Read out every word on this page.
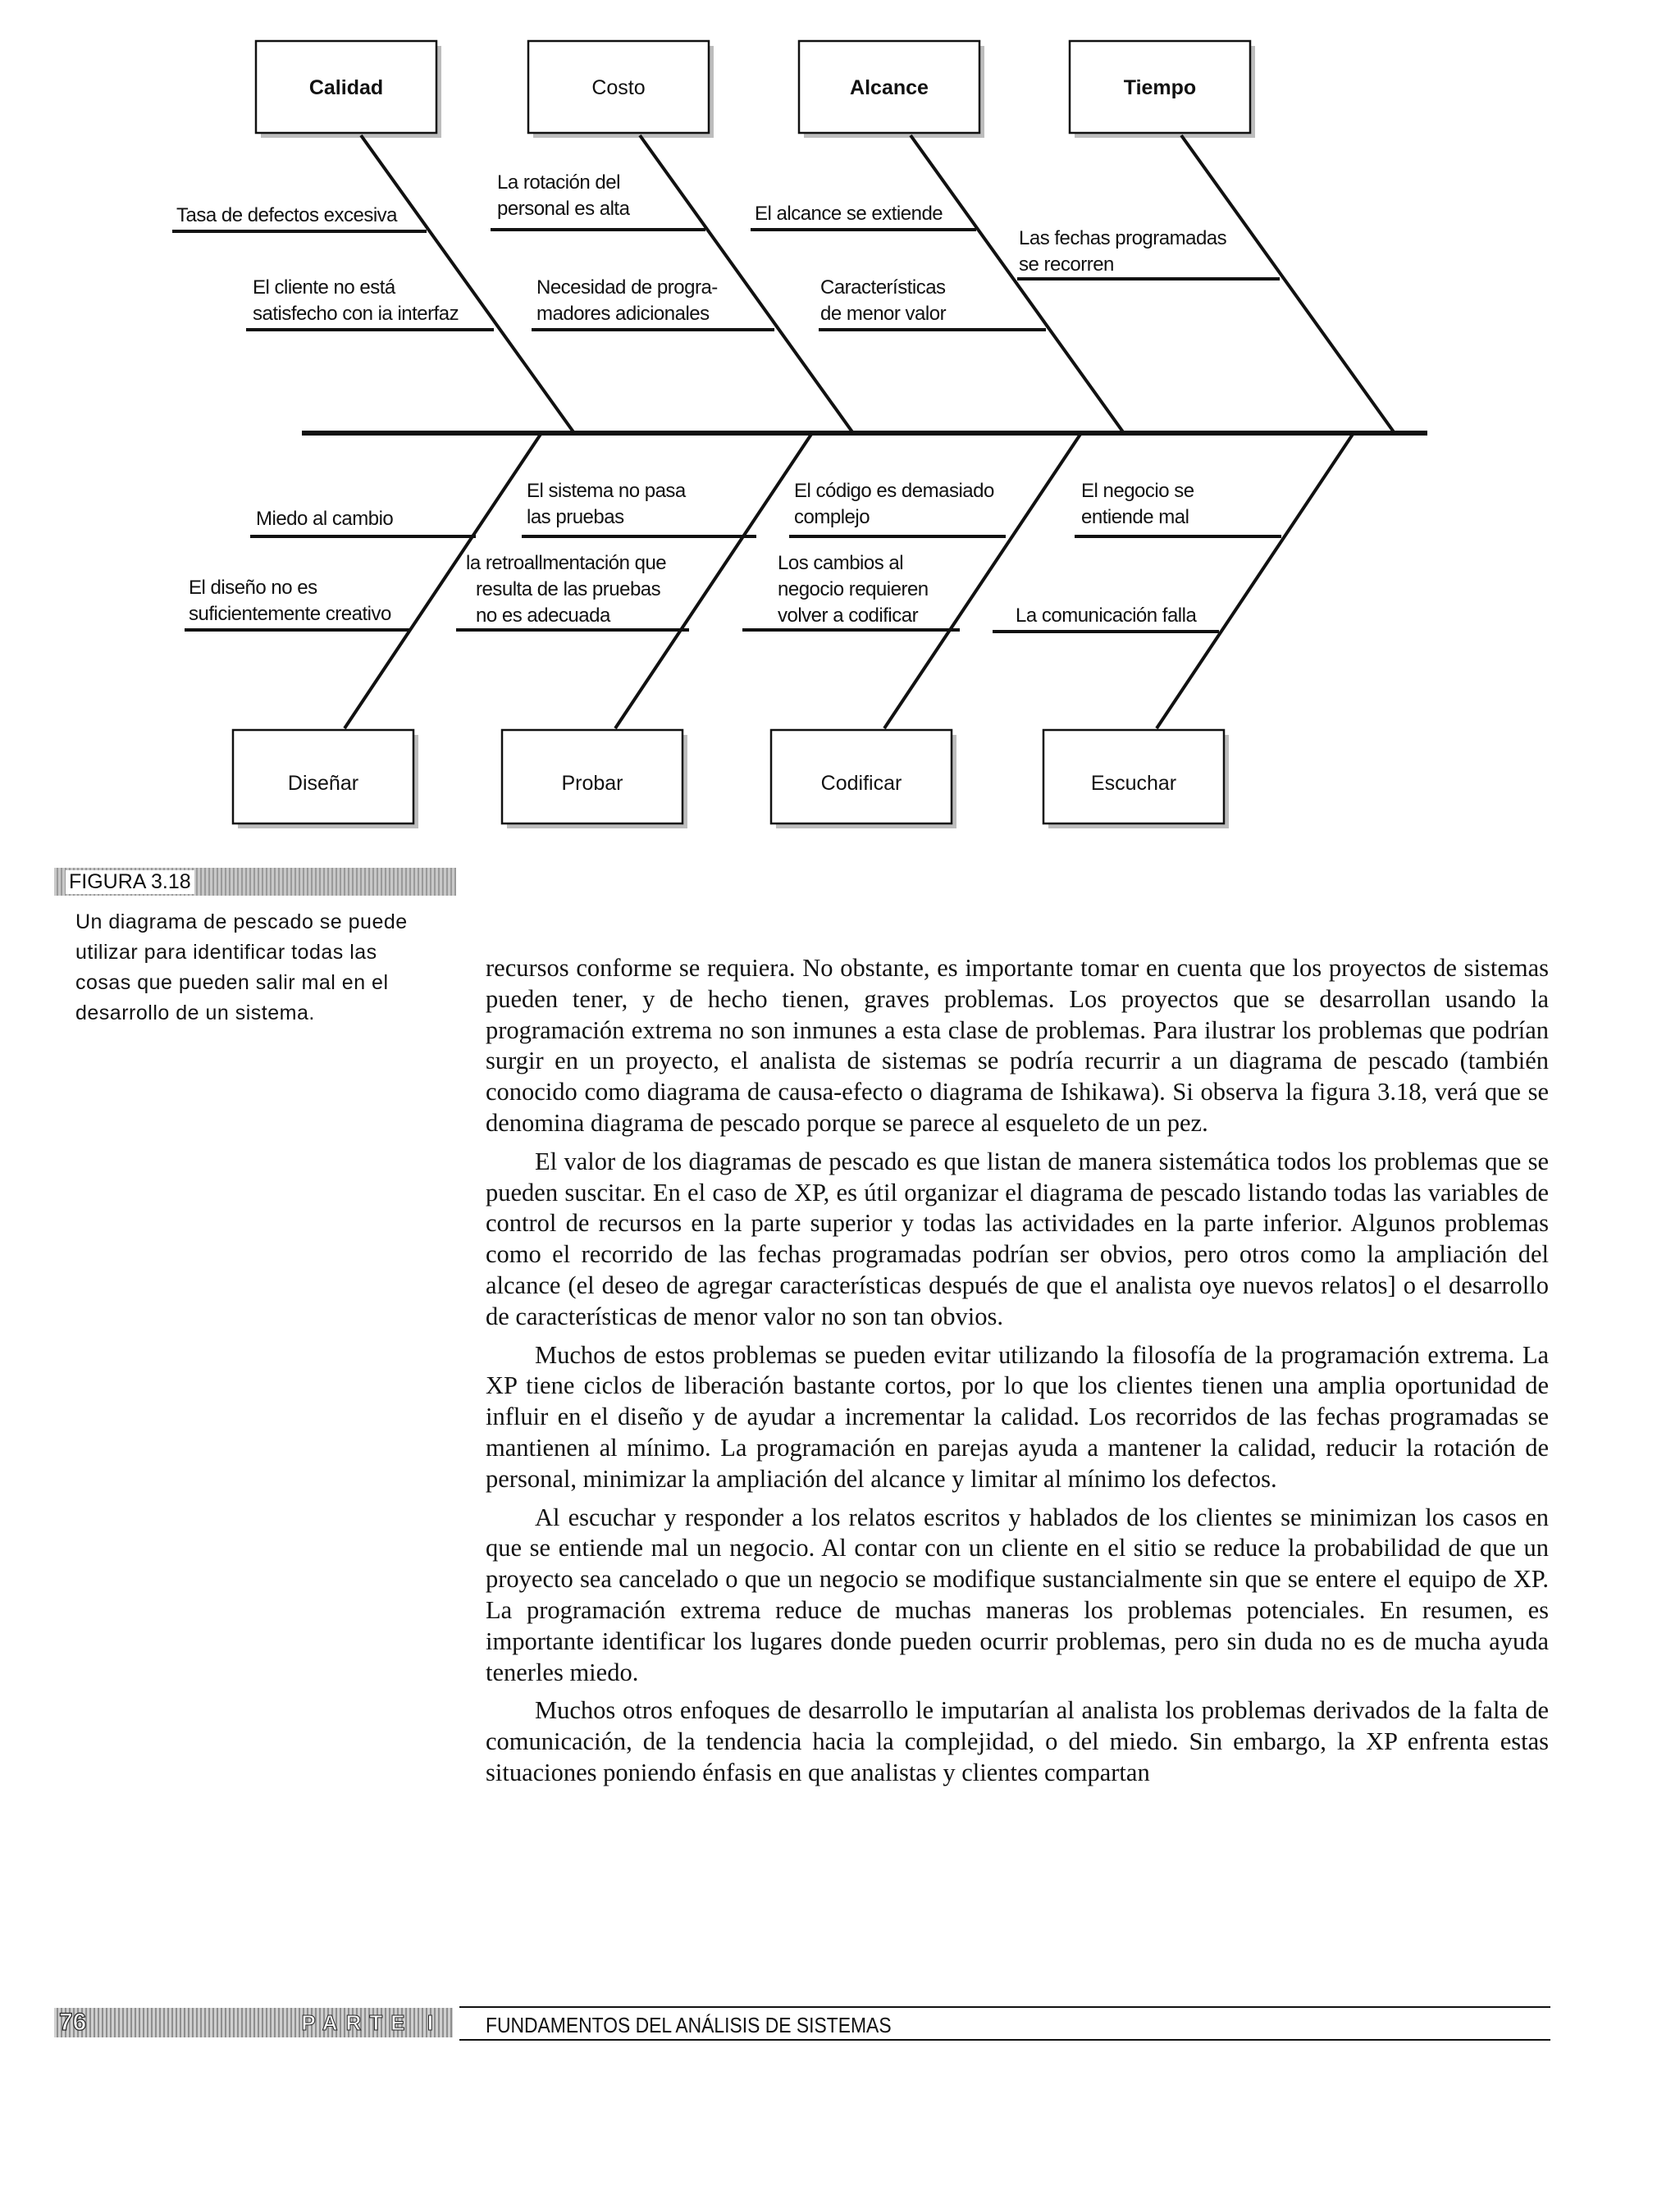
Calidad	Costo	Alcance	Tiempo
Tasa de defectos excesiva
El cliente no está
satisfecho con ia interfaz
La rotación del
personal es alta
Necesidad de progra-
madores adicionales
El alcance se extiende
Características
de menor valor
Las fechas programadas
se recorren
Miedo al cambio
El diseño no es
suficientemente creativo
El sistema no pasa
las pruebas
la retroallmentación que
resulta de las pruebas
no es adecuada
El código es demasiado
complejo
Los cambios al
negocio requieren
volver a codificar
El negocio se
entiende mal
La comunicación falla
Diseñar	Probar	Codificar	Escuchar
FIGURA 3.18
Un diagrama de pescado se puede utilizar para identificar todas las cosas que pueden salir mal en el desarrollo de un sistema.

recursos conforme se requiera. No obstante, es importante tomar en cuenta que los proyectos de sistemas pueden tener, y de hecho tienen, graves problemas. Los proyectos que se desarrollan usando la programación extrema no son inmunes a esta clase de problemas. Para ilustrar los problemas que podrían surgir en un proyecto, el analista de sistemas se podría recurrir a un diagrama de pescado (también conocido como diagrama de causa-efecto o diagrama de Ishikawa). Si observa la figura 3.18, verá que se denomina diagrama de pescado porque se parece al esqueleto de un pez.

El valor de los diagramas de pescado es que listan de manera sistemática todos los problemas que se pueden suscitar. En el caso de XP, es útil organizar el diagrama de pescado listando todas las variables de control de recursos en la parte superior y todas las actividades en la parte inferior. Algunos problemas como el recorrido de las fechas programadas podrían ser obvios, pero otros como la ampliación del alcance (el deseo de agregar características después de que el analista oye nuevos relatos] o el desarrollo de características de menor valor no son tan obvios.

Muchos de estos problemas se pueden evitar utilizando la filosofía de la programación extrema. La XP tiene ciclos de liberación bastante cortos, por lo que los clientes tienen una amplia oportunidad de influir en el diseño y de ayudar a incrementar la calidad. Los recorridos de las fechas programadas se mantienen al mínimo. La programación en parejas ayuda a mantener la calidad, reducir la rotación de personal, minimizar la ampliación del alcance y limitar al mínimo los defectos.

Al escuchar y responder a los relatos escritos y hablados de los clientes se minimizan los casos en que se entiende mal un negocio. Al contar con un cliente en el sitio se reduce la probabilidad de que un proyecto sea cancelado o que un negocio se modifique sustancialmente sin que se entere el equipo de XP. La programación extrema reduce de muchas maneras los problemas potenciales. En resumen, es importante identificar los lugares donde pueden ocurrir problemas, pero sin duda no es de mucha ayuda tenerles miedo.

Muchos otros enfoques de desarrollo le imputarían al analista los problemas derivados de la falta de comunicación, de la tendencia hacia la complejidad, o del miedo. Sin embargo, la XP enfrenta estas situaciones poniendo énfasis en que analistas y clientes compartan

76	PARTE I FUNDAMENTOS DEL ANÁLISIS DE SISTEMAS
